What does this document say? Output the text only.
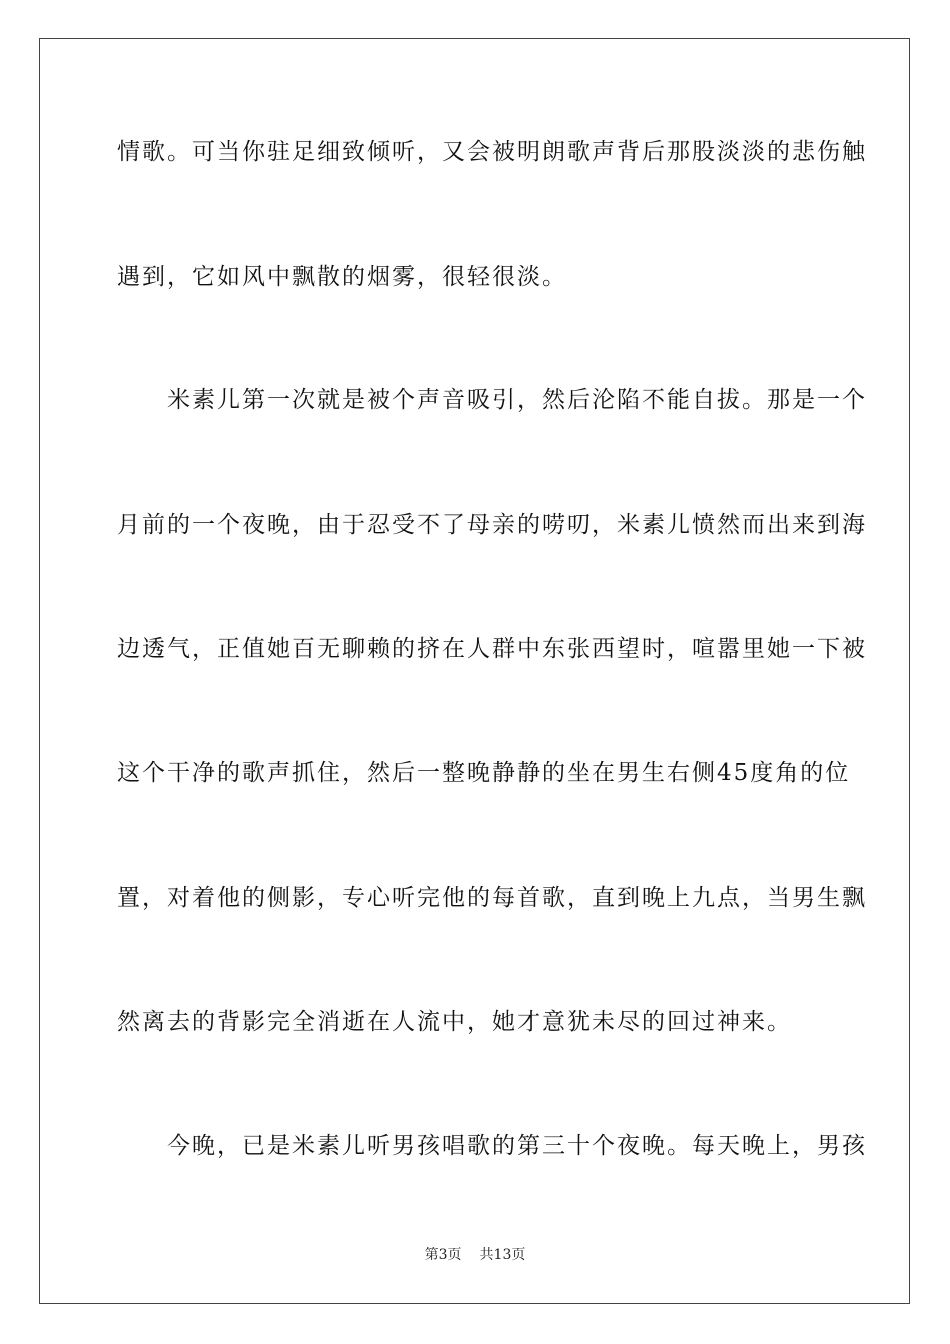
情歌。可当你驻足细致倾听，又会被明朗歌声背后那股淡淡的悲伤触
遇到，它如风中飘散的烟雾，很轻很淡。
　　米素儿第一次就是被个声音吸引，然后沦陷不能自拔。那是一个
月前的一个夜晚，由于忍受不了母亲的唠叨，米素儿愤然而出来到海
边透气，正值她百无聊赖的挤在人群中东张西望时，喧嚣里她一下被
这个干净的歌声抓住，然后一整晚静静的坐在男生右侧45度角的位
置，对着他的侧影，专心听完他的每首歌，直到晚上九点，当男生飘
然离去的背影完全消逝在人流中，她才意犹未尽的回过神来。
　　今晚，已是米素儿听男孩唱歌的第三十个夜晚。每天晚上，男孩
第3页 共13页
